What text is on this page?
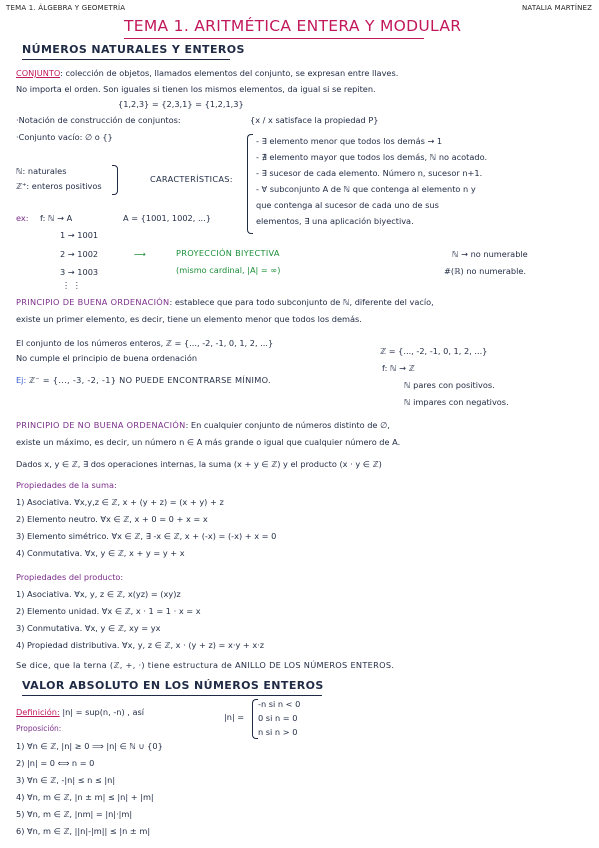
TEMA 1. ÁLGEBRA Y GEOMETRÍA	NATALIA MARTÍNEZ
TEMA 1. ARITMÉTICA ENTERA Y MODULAR
NÚMEROS NATURALES Y ENTEROS
CONJUNTO: colección de objetos, llamados elementos del conjunto, se expresan entre llaves.
No importa el orden. Son iguales si tienen los mismos elementos, da igual si se repiten.
{1,2,3} = {2,3,1} = {1,2,1,3}
·Notación de construcción de conjuntos:	{x / x satisface la propiedad P}
·Conjunto vacío: ∅ o {}
ℕ: naturales
ℤ⁺: enteros positivos
CARACTERÍSTICAS:
- ∃ elemento menor que todos los demás → 1
- ∄ elemento mayor que todos los demás, ℕ no acotado.
- ∃ sucesor de cada elemento. Número n, sucesor n+1.
- ∀ subconjunto A de ℕ que contenga al elemento n y
que contenga al sucesor de cada uno de sus
elementos, ∃ una aplicación biyectiva.
ex: f: ℕ → A	A = {1001, 1002, ...}
1 → 1001
2 → 1002
3 → 1003
⋮ ⋮
⟶	PROYECCIÓN BIYECTIVA
(mismo cardinal, |A| = ∞)
ℕ → no numerable
#(ℝ) no numerable.
PRINCIPIO DE BUENA ORDENACIÓN: establece que para todo subconjunto de ℕ, diferente del vacío,
existe un primer elemento, es decir, tiene un elemento menor que todos los demás.
El conjunto de los números enteros, ℤ = {..., -2, -1, 0, 1, 2, ...}
No cumple el principio de buena ordenación
Ej: ℤ⁻ = {..., -3, -2, -1} NO PUEDE ENCONTRARSE MÍNIMO.
ℤ = {..., -2, -1, 0, 1, 2, ...}
f: ℕ → ℤ
ℕ pares con positivos.
ℕ impares con negativos.
PRINCIPIO DE NO BUENA ORDENACIÓN: En cualquier conjunto de números distinto de ∅,
existe un máximo, es decir, un número n ∈ A más grande o igual que cualquier número de A.
Dados x, y ∈ ℤ, ∃ dos operaciones internas, la suma (x + y ∈ ℤ) y el producto (x · y ∈ ℤ)
Propiedades de la suma:
1) Asociativa. ∀x,y,z ∈ ℤ, x + (y + z) = (x + y) + z
2) Elemento neutro. ∀x ∈ ℤ, x + 0 = 0 + x = x
3) Elemento simétrico. ∀x ∈ ℤ, ∃ -x ∈ ℤ, x + (-x) = (-x) + x = 0
4) Conmutativa. ∀x, y ∈ ℤ, x + y = y + x
Propiedades del producto:
1) Asociativa. ∀x, y, z ∈ ℤ, x(yz) = (xy)z
2) Elemento unidad. ∀x ∈ ℤ, x · 1 = 1 · x = x
3) Conmutativa. ∀x, y ∈ ℤ, xy = yx
4) Propiedad distributiva. ∀x, y, z ∈ ℤ, x · (y + z) = x·y + x·z
Se dice, que la terna (ℤ, +, ·) tiene estructura de ANILLO DE LOS NÚMEROS ENTEROS.
VALOR ABSOLUTO EN LOS NÚMEROS ENTEROS
Definición: |n| = sup(n, -n) , así	|n| =
-n si n < 0
0 si n = 0
n si n > 0
Proposición:
1) ∀n ∈ ℤ, |n| ≥ 0 ⟹ |n| ∈ ℕ ∪ {0}
2) |n| = 0 ⟺ n = 0
3) ∀n ∈ ℤ, -|n| ≤ n ≤ |n|
4) ∀n, m ∈ ℤ, |n ± m| ≤ |n| + |m|
5) ∀n, m ∈ ℤ, |nm| = |n|·|m|
6) ∀n, m ∈ ℤ, ||n|-|m|| ≤ |n ± m|
